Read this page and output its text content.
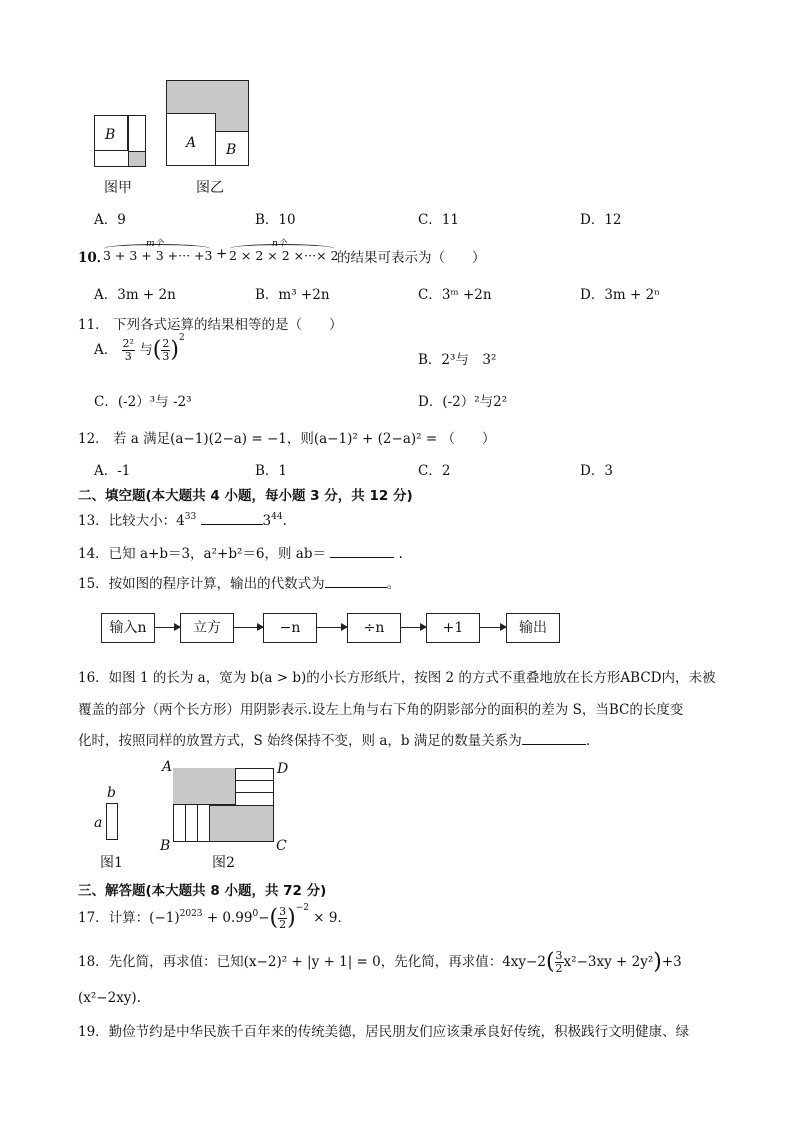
B
图甲
A B
图乙
A．9	B．10	C．11	D．12
10．
m个
3 + 3 + 3 +··· +3 +
n个
2 × 2 × 2 ×···× 2
的结果可表示为（　　）
A．3m + 2n	B．m³ +2n	C．3ᵐ +2n	D．3m + 2ⁿ
11． 下列各式运算的结果相等的是（　　）
A． $\frac{\text{2²}}{3}$ 与( $\frac{2}{3} )^2$
B．2³与　3²
C．(-2）³与 -2³	D．(-2）²与2²
12． 若 a 满足(a−1)(2−a) = −1，则(a−1)² + (2−a)² = （　　）
A．-1	B．1	C．2	D．3
二、填空题(本大题共 4 小题，每小题 3 分，共 12 分)
13．比较大小：$4^{33}$	$3^{44}$.
14．已知 a+b＝3，a²+b²＝6，则 ab＝	.
15．按如图的程序计算，输出的代数式为	。
输入n	立方	−n	÷n	+1	输出
16．如图 1 的长为 a，宽为 b(a > b)的小长方形纸片，按图 2 的方式不重叠地放在长方形ABCD内，未被
覆盖的部分（两个长方形）用阴影表示.设左上角与右下角的阴影部分的面积的差为 S，当BC的长度变
化时，按照同样的放置方式，S 始终保持不变，则 a，b 满足的数量关系为	.
b
a
图1
A	D
B	C
图2
三、解答题(本大题共 8 小题，共 72 分)
17．计算：$(-1)^{2023} + 0.99^0-( \frac{3}{2} )^{-2} \times 9$．
18．先化简，再求值：已知(x−2)² + |y + 1| = 0，先化简，再求值：$4xy-2( \frac{3}{2} x^2-3xy + 2y^2)+3$
(x²−2xy).
19．勤俭节约是中华民族千百年来的传统美德，居民朋友们应该秉承良好传统，积极践行文明健康、绿
